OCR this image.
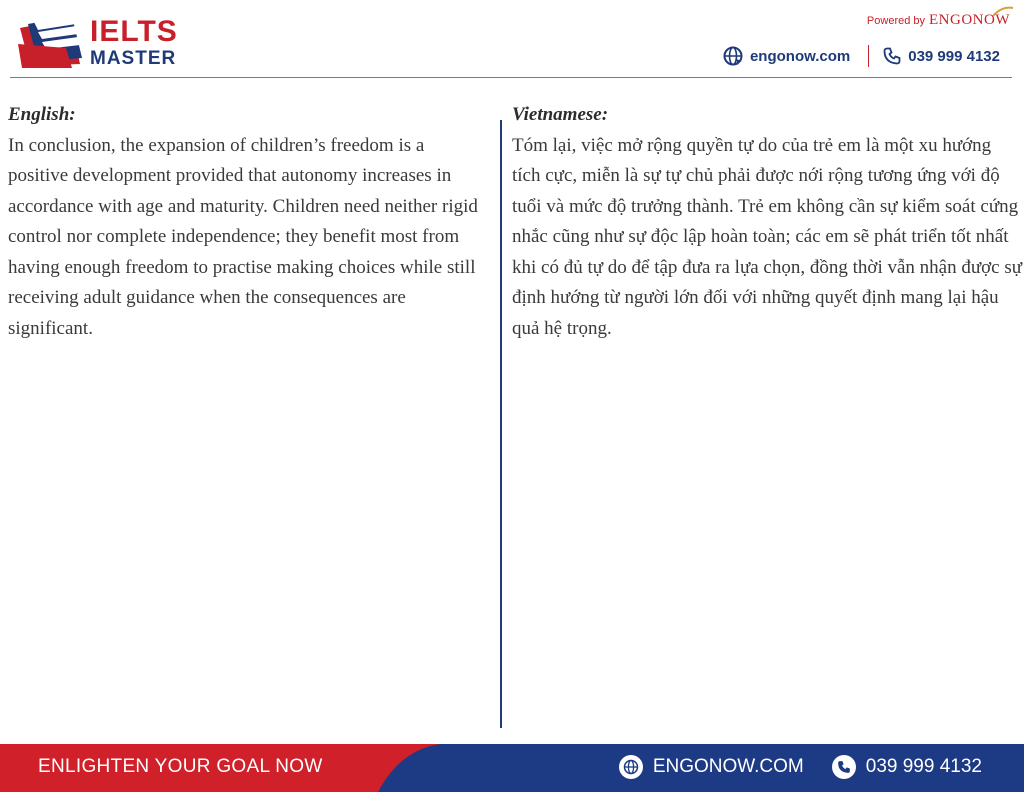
IELTS
MASTER
Powered by ENGONOW
engonow.com	039 999 4132
English:

In conclusion, the expansion of children’s freedom is a positive development provided that autonomy increases in accordance with age and maturity. Children need neither rigid control nor complete independence; they benefit most from having enough freedom to practise making choices while still receiving adult guidance when the consequences are significant.

Vietnamese:

Tóm lại, việc mở rộng quyền tự do của trẻ em là một xu hướng tích cực, miễn là sự tự chủ phải được nới rộng tương ứng với độ tuổi và mức độ trưởng thành. Trẻ em không cần sự kiểm soát cứng nhắc cũng như sự độc lập hoàn toàn; các em sẽ phát triển tốt nhất khi có đủ tự do để tập đưa ra lựa chọn, đồng thời vẫn nhận được sự định hướng từ người lớn đối với những quyết định mang lại hậu quả hệ trọng.

ENLIGHTEN YOUR GOAL NOW	ENGONOW.COM	039 999 4132
